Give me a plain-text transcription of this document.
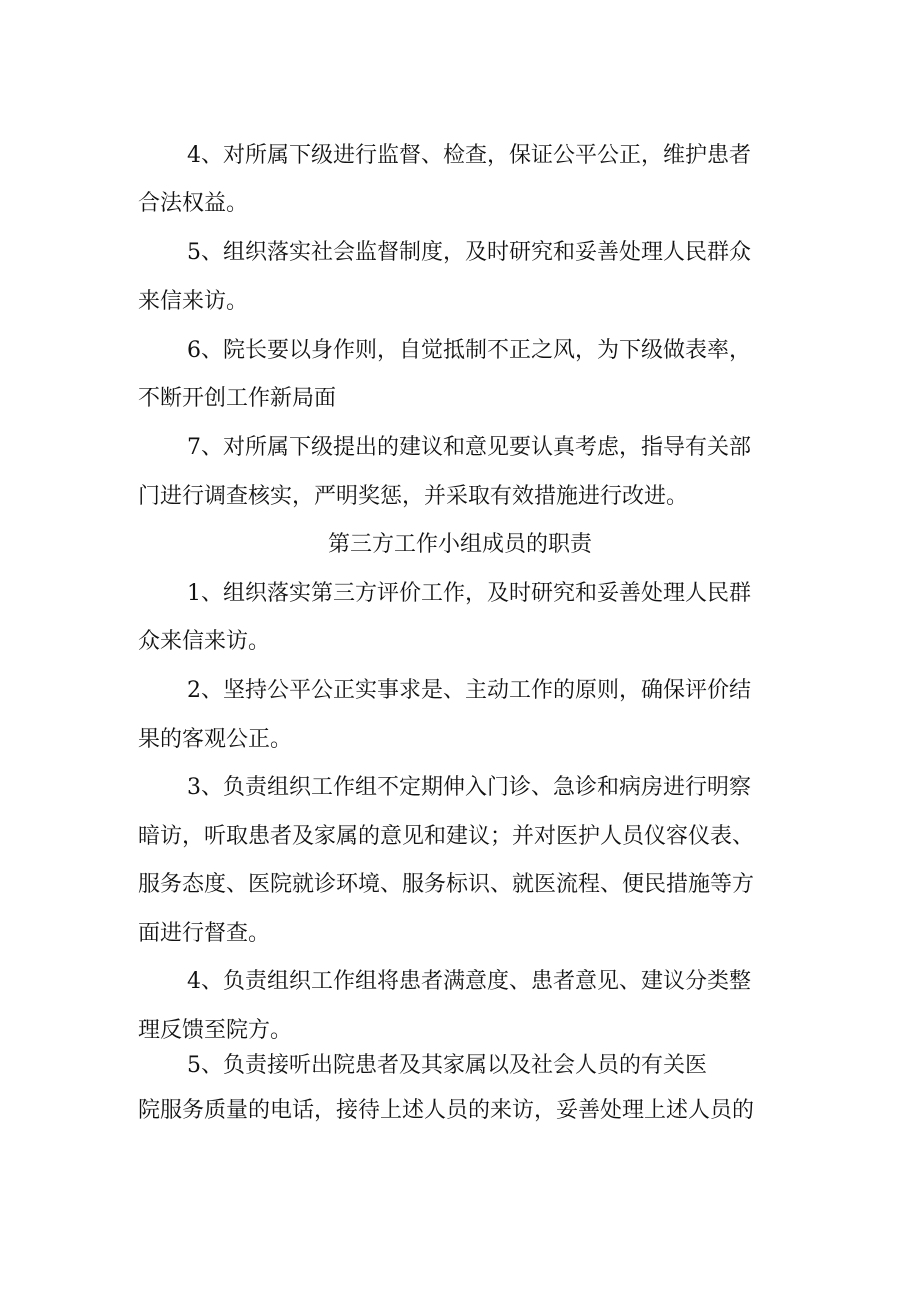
4、对所属下级进行监督、检查，保证公平公正，维护患者
合法权益。
5、组织落实社会监督制度，及时研究和妥善处理人民群众
来信来访。
6、院长要以身作则，自觉抵制不正之风，为下级做表率，
不断开创工作新局面
7、对所属下级提出的建议和意见要认真考虑，指导有关部
门进行调查核实，严明奖惩，并采取有效措施进行改进。
第三方工作小组成员的职责
1、组织落实第三方评价工作，及时研究和妥善处理人民群
众来信来访。
2、坚持公平公正实事求是、主动工作的原则，确保评价结
果的客观公正。
3、负责组织工作组不定期伸入门诊、急诊和病房进行明察
暗访，听取患者及家属的意见和建议；并对医护人员仪容仪表、
服务态度、医院就诊环境、服务标识、就医流程、便民措施等方
面进行督查。
4、负责组织工作组将患者满意度、患者意见、建议分类整
理反馈至院方。
5、负责接听出院患者及其家属以及社会人员的有关医
院服务质量的电话，接待上述人员的来访，妥善处理上述人员的
